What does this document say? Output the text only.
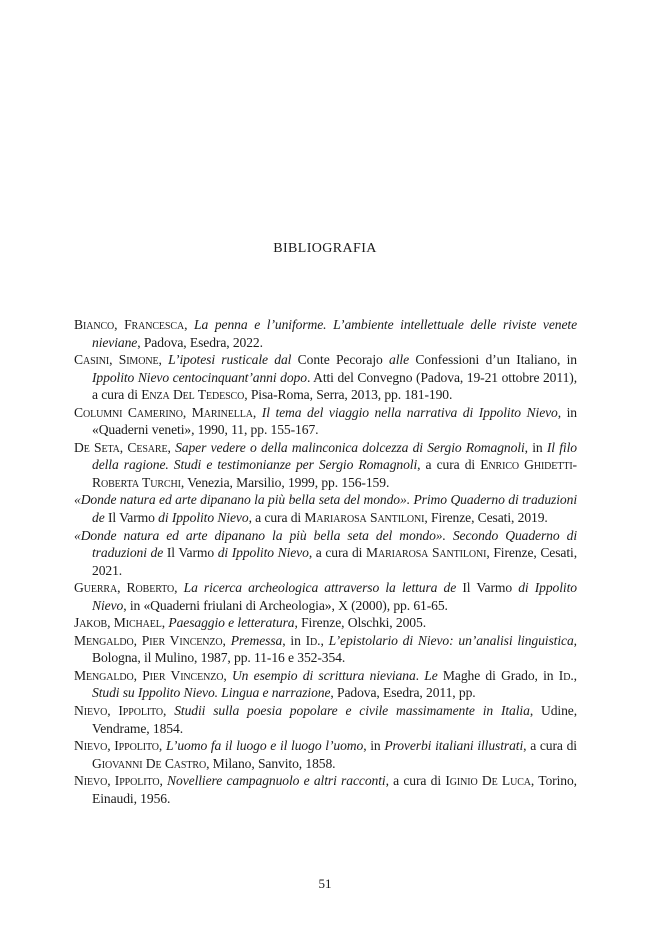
BIBLIOGRAFIA
Bianco, Francesca, La penna e l’uniforme. L’ambiente intellettuale delle riviste venete nieviane, Padova, Esedra, 2022.
Casini, Simone, L’ipotesi rusticale dal Conte Pecorajo alle Confessioni d’un Italiano, in Ippolito Nievo centocinquant’anni dopo. Atti del Convegno (Padova, 19-21 ottobre 2011), a cura di Enza Del Tedesco, Pisa-Roma, Serra, 2013, pp. 181-190.
Columni Camerino, Marinella, Il tema del viaggio nella narrativa di Ippolito Nievo, in «Quaderni veneti», 1990, 11, pp. 155-167.
De Seta, Cesare, Saper vedere o della malinconica dolcezza di Sergio Romagnoli, in Il filo della ragione. Studi e testimonianze per Sergio Romagnoli, a cura di Enrico Ghidetti-Roberta Turchi, Venezia, Marsilio, 1999, pp. 156-159.
«Donde natura ed arte dipanano la più bella seta del mondo». Primo Quaderno di traduzioni de Il Varmo di Ippolito Nievo, a cura di Mariarosa Santiloni, Firenze, Cesati, 2019.
«Donde natura ed arte dipanano la più bella seta del mondo». Secondo Quaderno di traduzioni de Il Varmo di Ippolito Nievo, a cura di Mariarosa Santiloni, Firenze, Cesati, 2021.
Guerra, Roberto, La ricerca archeologica attraverso la lettura de Il Varmo di Ippolito Nievo, in «Quaderni friulani di Archeologia», X (2000), pp. 61-65.
Jakob, Michael, Paesaggio e letteratura, Firenze, Olschki, 2005.
Mengaldo, Pier Vincenzo, Premessa, in Id., L’epistolario di Nievo: un’analisi linguistica, Bologna, il Mulino, 1987, pp. 11-16 e 352-354.
Mengaldo, Pier Vincenzo, Un esempio di scrittura nieviana. Le Maghe di Grado, in Id., Studi su Ippolito Nievo. Lingua e narrazione, Padova, Esedra, 2011, pp.
Nievo, Ippolito, Studii sulla poesia popolare e civile massimamente in Italia, Udine, Vendrame, 1854.
Nievo, Ippolito, L’uomo fa il luogo e il luogo l’uomo, in Proverbi italiani illustrati, a cura di Giovanni De Castro, Milano, Sanvito, 1858.
Nievo, Ippolito, Novelliere campagnuolo e altri racconti, a cura di Iginio De Luca, Torino, Einaudi, 1956.
51
